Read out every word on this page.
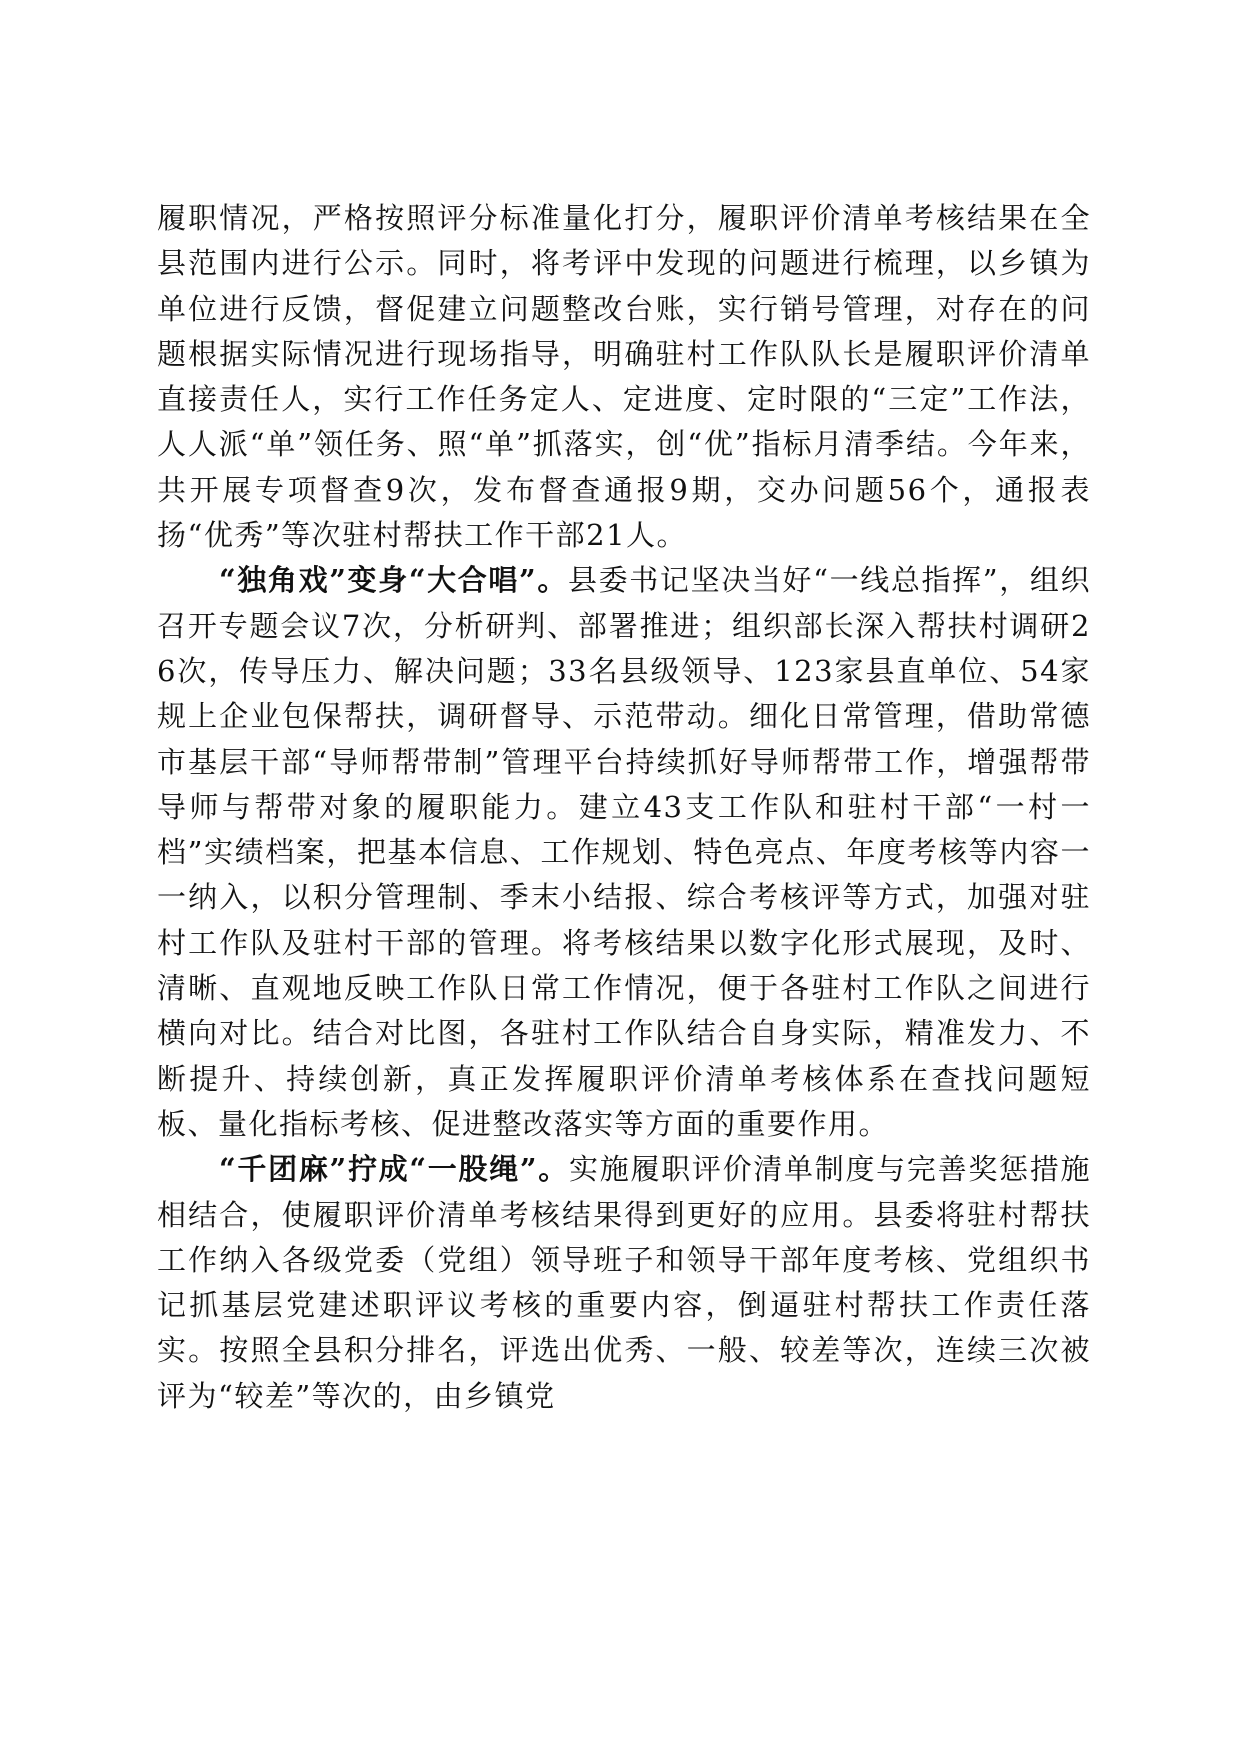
履职情况，严格按照评分标准量化打分，履职评价清单考核结果在全县范围内进行公示。同时，将考评中发现的问题进行梳理，以乡镇为单位进行反馈，督促建立问题整改台账，实行销号管理，对存在的问题根据实际情况进行现场指导，明确驻村工作队队长是履职评价清单直接责任人，实行工作任务定人、定进度、定时限的“三定”工作法，人人派“单”领任务、照“单”抓落实，创“优”指标月清季结。今年来，共开展专项督查9次，发布督查通报9期，交办问题56个，通报表扬“优秀”等次驻村帮扶工作干部21人。

“独角戏”变身“大合唱”。县委书记坚决当好“一线总指挥”，组织召开专题会议7次，分析研判、部署推进；组织部长深入帮扶村调研26次，传导压力、解决问题；33名县级领导、123家县直单位、54家规上企业包保帮扶，调研督导、示范带动。细化日常管理，借助常德市基层干部“导师帮带制”管理平台持续抓好导师帮带工作，增强帮带导师与帮带对象的履职能力。建立43支工作队和驻村干部“一村一档”实绩档案，把基本信息、工作规划、特色亮点、年度考核等内容一一纳入，以积分管理制、季末小结报、综合考核评等方式，加强对驻村工作队及驻村干部的管理。将考核结果以数字化形式展现，及时、清晰、直观地反映工作队日常工作情况，便于各驻村工作队之间进行横向对比。结合对比图，各驻村工作队结合自身实际，精准发力、不断提升、持续创新，真正发挥履职评价清单考核体系在查找问题短板、量化指标考核、促进整改落实等方面的重要作用。

“千团麻”拧成“一股绳”。实施履职评价清单制度与完善奖惩措施相结合，使履职评价清单考核结果得到更好的应用。县委将驻村帮扶工作纳入各级党委（党组）领导班子和领导干部年度考核、党组织书记抓基层党建述职评议考核的重要内容，倒逼驻村帮扶工作责任落实。按照全县积分排名，评选出优秀、一般、较差等次，连续三次被评为“较差”等次的，由乡镇党
